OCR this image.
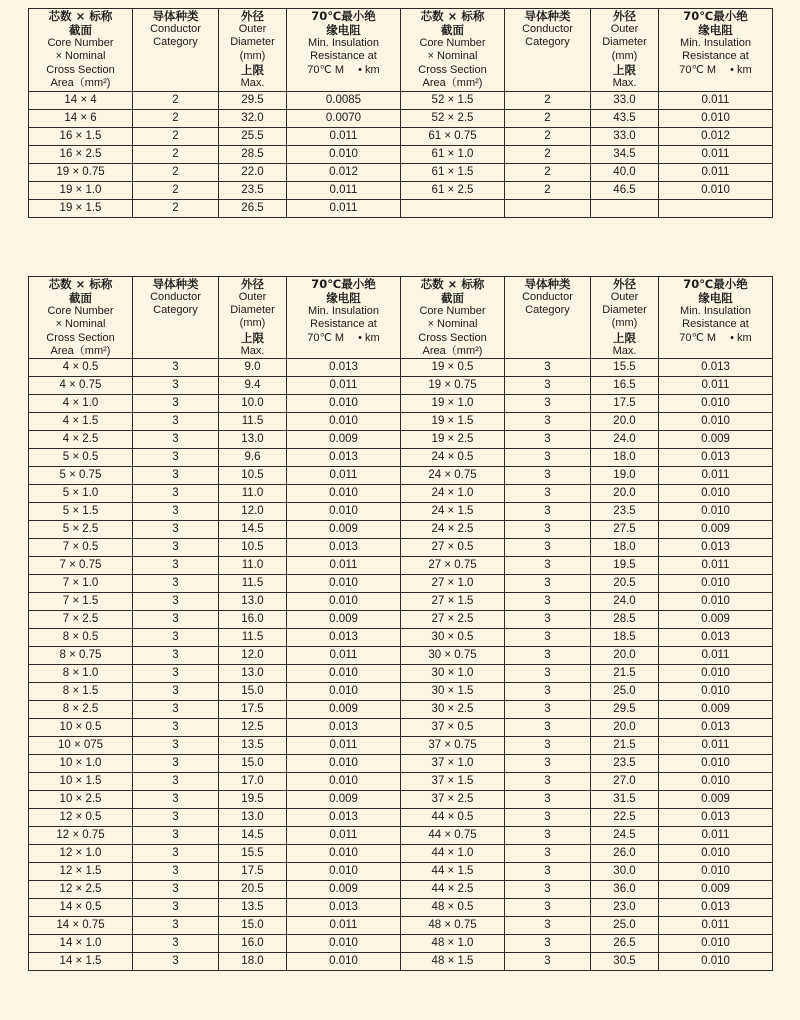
芯数 × 标称
截面
Core Number
× Nominal
Cross Section
Area（mm²)

导体种类
Conductor
Category

外径
Outer
Diameter
(mm)
上限
Max.

70℃最小绝
缘电阻
Min. Insulation
Resistance at
70℃ M 　• km

芯数 × 标称
截面
Core Number
× Nominal
Cross Section
Area（mm²)

导体种类
Conductor
Category

外径
Outer
Diameter
(mm)
上限
Max.

70℃最小绝
缘电阻
Min. Insulation
Resistance at
70℃ M 　• km

14 × 4	2	29.5	0.0085	52 × 1.5	2	33.0	0.011
14 × 6	2	32.0	0.0070	52 × 2.5	2	43.5	0.010
16 × 1.5	2	25.5	0.011	61 × 0.75	2	33.0	0.012
16 × 2.5	2	28.5	0.010	61 × 1.0	2	34.5	0.011
19 × 0.75	2	22.0	0.012	61 × 1.5	2	40.0	0.011
19 × 1.0	2	23.5	0.011	61 × 2.5	2	46.5	0.010
19 × 1.5	2	26.5	0.011				
芯数 × 标称
截面
Core Number
× Nominal
Cross Section
Area（mm²)

导体种类
Conductor
Category

外径
Outer
Diameter
(mm)
上限
Max.

70℃最小绝
缘电阻
Min. Insulation
Resistance at
70℃ M 　• km

芯数 × 标称
截面
Core Number
× Nominal
Cross Section
Area（mm²)

导体种类
Conductor
Category

外径
Outer
Diameter
(mm)
上限
Max.

70℃最小绝
缘电阻
Min. Insulation
Resistance at
70℃ M 　• km

4 × 0.5	3	9.0	0.013	19 × 0.5	3	15.5	0.013
4 × 0.75	3	9.4	0.011	19 × 0.75	3	16.5	0.011
4 × 1.0	3	10.0	0.010	19 × 1.0	3	17.5	0.010
4 × 1.5	3	11.5	0.010	19 × 1.5	3	20.0	0.010
4 × 2.5	3	13.0	0.009	19 × 2.5	3	24.0	0.009
5 × 0.5	3	9.6	0.013	24 × 0.5	3	18.0	0.013
5 × 0.75	3	10.5	0.011	24 × 0.75	3	19.0	0.011
5 × 1.0	3	11.0	0.010	24 × 1.0	3	20.0	0.010
5 × 1.5	3	12.0	0.010	24 × 1.5	3	23.5	0.010
5 × 2.5	3	14.5	0.009	24 × 2.5	3	27.5	0.009
7 × 0.5	3	10.5	0.013	27 × 0.5	3	18.0	0.013
7 × 0.75	3	11.0	0.011	27 × 0.75	3	19.5	0.011
7 × 1.0	3	11.5	0.010	27 × 1.0	3	20.5	0.010
7 × 1.5	3	13.0	0.010	27 × 1.5	3	24.0	0.010
7 × 2.5	3	16.0	0.009	27 × 2.5	3	28.5	0.009
8 × 0.5	3	11.5	0.013	30 × 0.5	3	18.5	0.013
8 × 0.75	3	12.0	0.011	30 × 0.75	3	20.0	0.011
8 × 1.0	3	13.0	0.010	30 × 1.0	3	21.5	0.010
8 × 1.5	3	15.0	0.010	30 × 1.5	3	25.0	0.010
8 × 2.5	3	17.5	0.009	30 × 2.5	3	29.5	0.009
10 × 0.5	3	12.5	0.013	37 × 0.5	3	20.0	0.013
10 × 075	3	13.5	0.011	37 × 0.75	3	21.5	0.011
10 × 1.0	3	15.0	0.010	37 × 1.0	3	23.5	0.010
10 × 1.5	3	17.0	0.010	37 × 1.5	3	27.0	0.010
10 × 2.5	3	19.5	0.009	37 × 2.5	3	31.5	0.009
12 × 0.5	3	13.0	0.013	44 × 0.5	3	22.5	0.013
12 × 0.75	3	14.5	0.011	44 × 0.75	3	24.5	0.011
12 × 1.0	3	15.5	0.010	44 × 1.0	3	26.0	0.010
12 × 1.5	3	17.5	0.010	44 × 1.5	3	30.0	0.010
12 × 2.5	3	20.5	0.009	44 × 2.5	3	36.0	0.009
14 × 0.5	3	13.5	0.013	48 × 0.5	3	23.0	0.013
14 × 0.75	3	15.0	0.011	48 × 0.75	3	25.0	0.011
14 × 1.0	3	16.0	0.010	48 × 1.0	3	26.5	0.010
14 × 1.5	3	18.0	0.010	48 × 1.5	3	30.5	0.010
